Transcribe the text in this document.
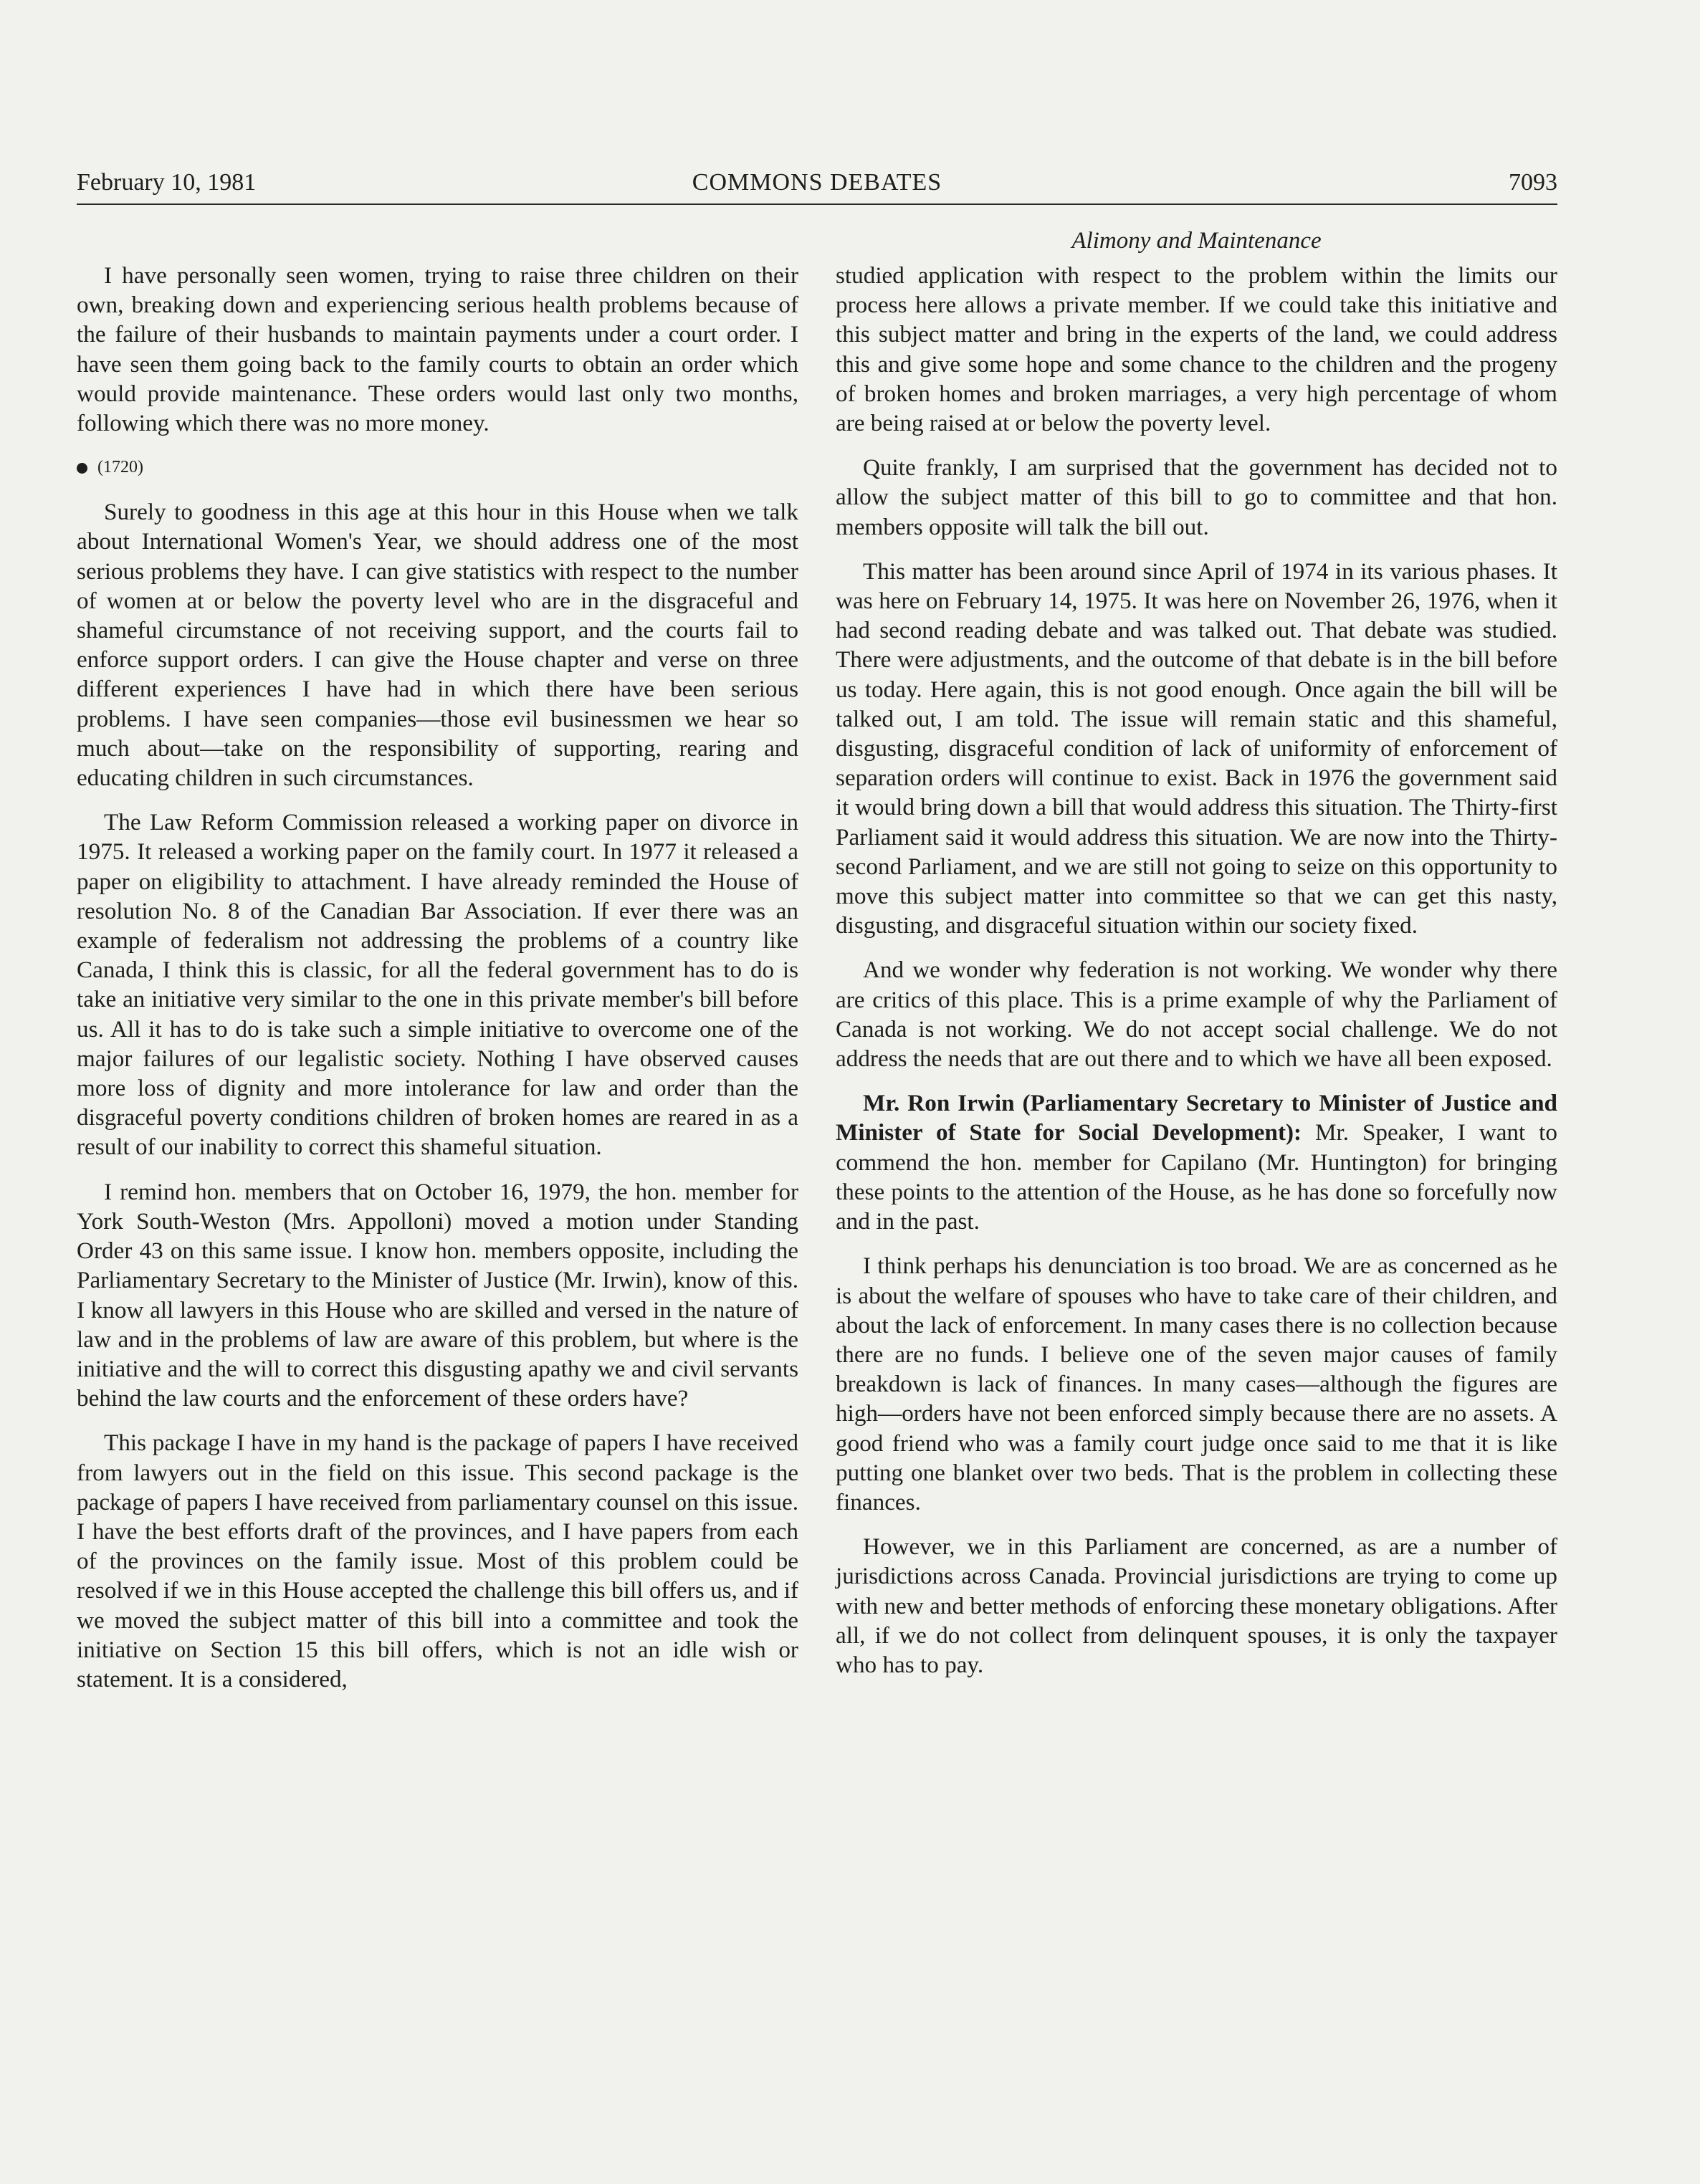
February 10, 1981	COMMONS DEBATES	7093
Alimony and Maintenance

I have personally seen women, trying to raise three children on their own, breaking down and experiencing serious health problems because of the failure of their husbands to maintain payments under a court order. I have seen them going back to the family courts to obtain an order which would provide maintenance. These orders would last only two months, following which there was no more money.

(1720)

Surely to goodness in this age at this hour in this House when we talk about International Women's Year, we should address one of the most serious problems they have. I can give statistics with respect to the number of women at or below the poverty level who are in the disgraceful and shameful circumstance of not receiving support, and the courts fail to enforce support orders. I can give the House chapter and verse on three different experiences I have had in which there have been serious problems. I have seen companies—those evil businessmen we hear so much about—take on the responsibility of supporting, rearing and educating children in such circumstances.

The Law Reform Commission released a working paper on divorce in 1975. It released a working paper on the family court. In 1977 it released a paper on eligibility to attachment. I have already reminded the House of resolution No. 8 of the Canadian Bar Association. If ever there was an example of federalism not addressing the problems of a country like Canada, I think this is classic, for all the federal government has to do is take an initiative very similar to the one in this private member's bill before us. All it has to do is take such a simple initiative to overcome one of the major failures of our legalistic society. Nothing I have observed causes more loss of dignity and more intolerance for law and order than the disgraceful poverty conditions children of broken homes are reared in as a result of our inability to correct this shameful situation.

I remind hon. members that on October 16, 1979, the hon. member for York South-Weston (Mrs. Appolloni) moved a motion under Standing Order 43 on this same issue. I know hon. members opposite, including the Parliamentary Secretary to the Minister of Justice (Mr. Irwin), know of this. I know all lawyers in this House who are skilled and versed in the nature of law and in the problems of law are aware of this problem, but where is the initiative and the will to correct this disgusting apathy we and civil servants behind the law courts and the enforcement of these orders have?

This package I have in my hand is the package of papers I have received from lawyers out in the field on this issue. This second package is the package of papers I have received from parliamentary counsel on this issue. I have the best efforts draft of the provinces, and I have papers from each of the provinces on the family issue. Most of this problem could be resolved if we in this House accepted the challenge this bill offers us, and if we moved the subject matter of this bill into a committee and took the initiative on Section 15 this bill offers, which is not an idle wish or statement. It is a considered,

studied application with respect to the problem within the limits our process here allows a private member. If we could take this initiative and this subject matter and bring in the experts of the land, we could address this and give some hope and some chance to the children and the progeny of broken homes and broken marriages, a very high percentage of whom are being raised at or below the poverty level.

Quite frankly, I am surprised that the government has decided not to allow the subject matter of this bill to go to committee and that hon. members opposite will talk the bill out.

This matter has been around since April of 1974 in its various phases. It was here on February 14, 1975. It was here on November 26, 1976, when it had second reading debate and was talked out. That debate was studied. There were adjustments, and the outcome of that debate is in the bill before us today. Here again, this is not good enough. Once again the bill will be talked out, I am told. The issue will remain static and this shameful, disgusting, disgraceful condition of lack of uniformity of enforcement of separation orders will continue to exist. Back in 1976 the government said it would bring down a bill that would address this situation. The Thirty-first Parliament said it would address this situation. We are now into the Thirty-second Parliament, and we are still not going to seize on this opportunity to move this subject matter into committee so that we can get this nasty, disgusting, and disgraceful situation within our society fixed.

And we wonder why federation is not working. We wonder why there are critics of this place. This is a prime example of why the Parliament of Canada is not working. We do not accept social challenge. We do not address the needs that are out there and to which we have all been exposed.

Mr. Ron Irwin (Parliamentary Secretary to Minister of Justice and Minister of State for Social Development): Mr. Speaker, I want to commend the hon. member for Capilano (Mr. Huntington) for bringing these points to the attention of the House, as he has done so forcefully now and in the past.

I think perhaps his denunciation is too broad. We are as concerned as he is about the welfare of spouses who have to take care of their children, and about the lack of enforcement. In many cases there is no collection because there are no funds. I believe one of the seven major causes of family breakdown is lack of finances. In many cases—although the figures are high—orders have not been enforced simply because there are no assets. A good friend who was a family court judge once said to me that it is like putting one blanket over two beds. That is the problem in collecting these finances.

However, we in this Parliament are concerned, as are a number of jurisdictions across Canada. Provincial jurisdictions are trying to come up with new and better methods of enforcing these monetary obligations. After all, if we do not collect from delinquent spouses, it is only the taxpayer who has to pay.
